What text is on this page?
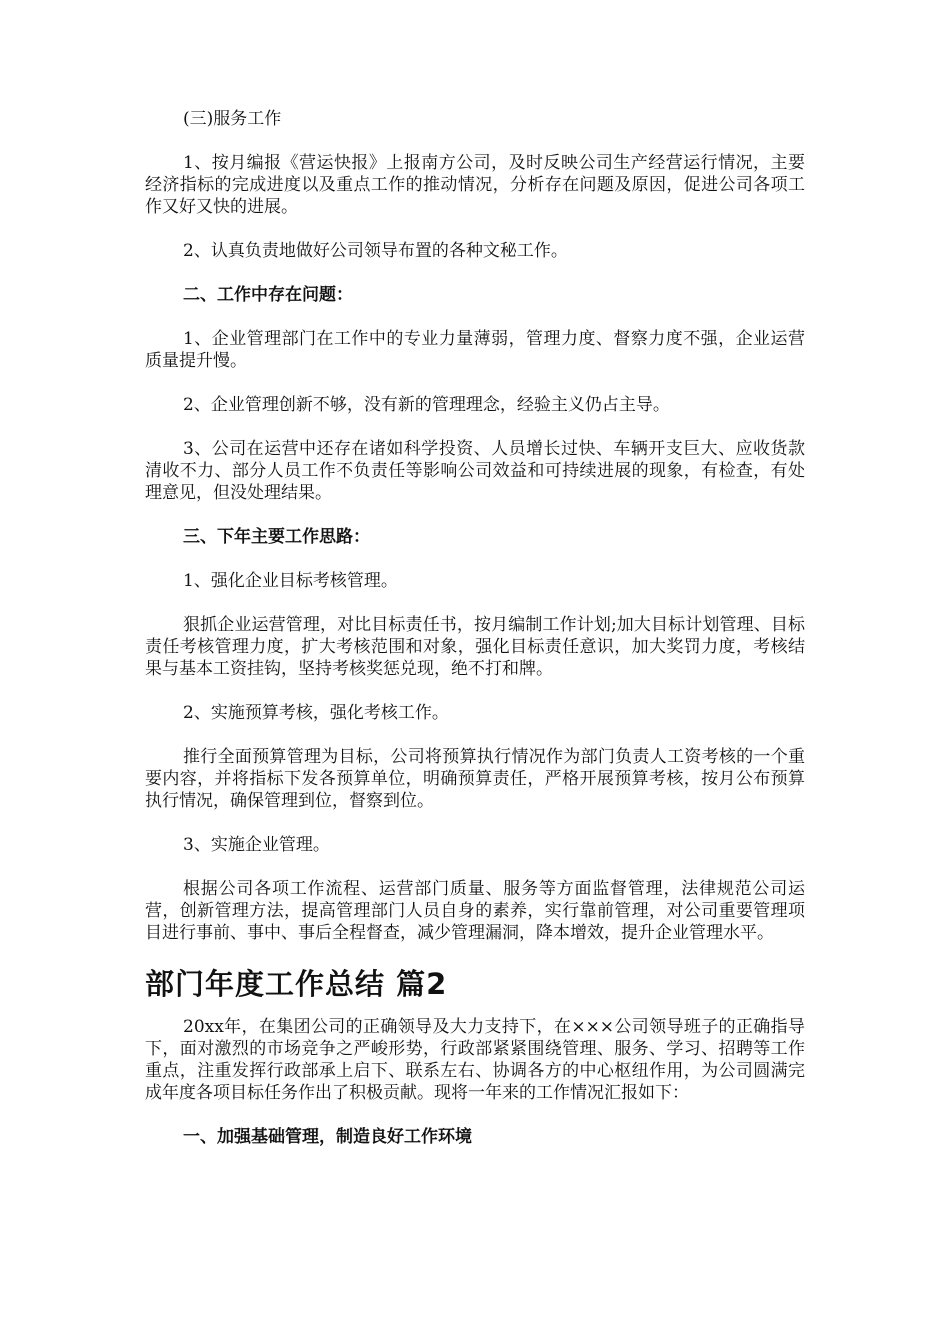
(三)服务工作

1、按月编报《营运快报》上报南方公司，及时反映公司生产经营运行情况，主要经济指标的完成进度以及重点工作的推动情况，分析存在问题及原因，促进公司各项工作又好又快的进展。

2、认真负责地做好公司领导布置的各种文秘工作。

二、工作中存在问题：

1、企业管理部门在工作中的专业力量薄弱，管理力度、督察力度不强，企业运营质量提升慢。

2、企业管理创新不够，没有新的管理理念，经验主义仍占主导。

3、公司在运营中还存在诸如科学投资、人员增长过快、车辆开支巨大、应收货款清收不力、部分人员工作不负责任等影响公司效益和可持续进展的现象，有检查，有处理意见，但没处理结果。

三、下年主要工作思路：

1、强化企业目标考核管理。

狠抓企业运营管理，对比目标责任书，按月编制工作计划;加大目标计划管理、目标责任考核管理力度，扩大考核范围和对象，强化目标责任意识，加大奖罚力度，考核结果与基本工资挂钩，坚持考核奖惩兑现，绝不打和牌。

2、实施预算考核，强化考核工作。

推行全面预算管理为目标，公司将预算执行情况作为部门负责人工资考核的一个重要内容，并将指标下发各预算单位，明确预算责任，严格开展预算考核，按月公布预算执行情况，确保管理到位，督察到位。

3、实施企业管理。

根据公司各项工作流程、运营部门质量、服务等方面监督管理，法律规范公司运营，创新管理方法，提高管理部门人员自身的素养，实行靠前管理，对公司重要管理项目进行事前、事中、事后全程督查，减少管理漏洞，降本增效，提升企业管理水平。

部门年度工作总结 篇2

20xx年，在集团公司的正确领导及大力支持下，在×××公司领导班子的正确指导下，面对激烈的市场竞争之严峻形势，行政部紧紧围绕管理、服务、学习、招聘等工作重点，注重发挥行政部承上启下、联系左右、协调各方的中心枢纽作用，为公司圆满完成年度各项目标任务作出了积极贡献。现将一年来的工作情况汇报如下：

一、加强基础管理，制造良好工作环境
